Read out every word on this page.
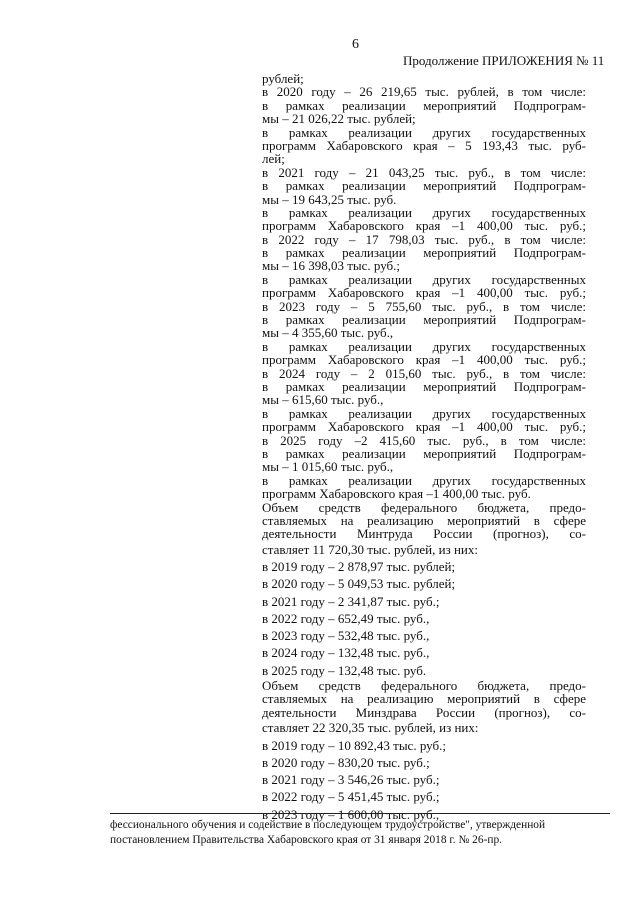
6
Продолжение ПРИЛОЖЕНИЯ № 11
рублей;
в 2020 году – 26 219,65 тыс. рублей, в том числе:
в рамках реализации мероприятий Подпрограм-
мы – 21 026,22 тыс. рублей;
в рамках реализации других государственных
программ Хабаровского края – 5 193,43 тыс. руб-
лей;
в 2021 году – 21 043,25 тыс. руб., в том числе:
в рамках реализации мероприятий Подпрограм-
мы – 19 643,25 тыс. руб.
в рамках реализации других государственных
программ Хабаровского края –1 400,00 тыс. руб.;
в 2022 году – 17 798,03 тыс. руб., в том числе:
в рамках реализации мероприятий Подпрограм-
мы – 16 398,03 тыс. руб.;
в рамках реализации других государственных
программ Хабаровского края –1 400,00 тыс. руб.;
в 2023 году – 5 755,60 тыс. руб., в том числе:
в рамках реализации мероприятий Подпрограм-
мы – 4 355,60 тыс. руб.,
в рамках реализации других государственных
программ Хабаровского края –1 400,00 тыс. руб.;
в 2024 году – 2 015,60 тыс. руб., в том числе:
в рамках реализации мероприятий Подпрограм-
мы – 615,60 тыс. руб.,
в рамках реализации других государственных
программ Хабаровского края –1 400,00 тыс. руб.;
в 2025 году –2 415,60 тыс. руб., в том числе:
в рамках реализации мероприятий Подпрограм-
мы – 1 015,60 тыс. руб.,
в рамках реализации других государственных
программ Хабаровского края –1 400,00 тыс. руб.
Объем средств федерального бюджета, предо-
ставляемых на реализацию мероприятий в сфере
деятельности Минтруда России (прогноз), со-
ставляет 11 720,30 тыс. рублей, из них:
в 2019 году – 2 878,97 тыс. рублей;
в 2020 году – 5 049,53 тыс. рублей;
в 2021 году – 2 341,87 тыс. руб.;
в 2022 году – 652,49 тыс. руб.,
в 2023 году – 532,48 тыс. руб.,
в 2024 году – 132,48 тыс. руб.,
в 2025 году – 132,48 тыс. руб.
Объем средств федерального бюджета, предо-
ставляемых на реализацию мероприятий в сфере
деятельности Минздрава России (прогноз), со-
ставляет 22 320,35 тыс. рублей, из них:
в 2019 году – 10 892,43 тыс. руб.;
в 2020 году – 830,20 тыс. руб.;
в 2021 году – 3 546,26 тыс. руб.;
в 2022 году – 5 451,45 тыс. руб.;
в 2023 году – 1 600,00 тыс. руб.,
фессионального обучения и содействие в последующем трудоустройстве", утвержденной
постановлением Правительства Хабаровского края от 31 января 2018 г. № 26-пр.
